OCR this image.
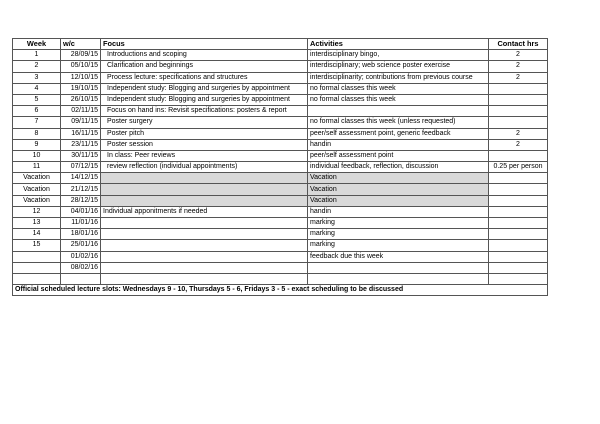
Week	w/c	Focus	Activities	Contact hrs
1	28/09/15	Introductions and scoping	interdisciplinary bingo,	2
2	05/10/15	Clarification and beginnings	interdisciplinary; web science poster exercise	2
3	12/10/15	Process lecture: specifications and structures	interdisciplinarity; contributions from previous course	2
4	19/10/15	Independent study: Blogging and surgeries by appointment	no formal classes this week	
5	26/10/15	Independent study: Blogging and surgeries by appointment	no formal classes this week	
6	02/11/15	Focus on hand ins: Revisit specifications: posters & report		
7	09/11/15	Poster surgery	no formal classes this week (unless requested)	
8	16/11/15	Poster pitch	peer/self assessment point, generic feedback	2
9	23/11/15	Poster session	handin	2
10	30/11/15	In class: Peer reviews	peer/self assessment point	
11	07/12/15	review reflection (individual appointments)	individual feedback, reflection, discussion	0.25 per person
Vacation	14/12/15		Vacation	
Vacation	21/12/15		Vacation	
Vacation	28/12/15		Vacation	
12	04/01/16	Individual apponitments if needed	handin	
13	11/01/16		marking	
14	18/01/16		marking	
15	25/01/16		marking	
	01/02/16		feedback due this week	
	08/02/16			

Official scheduled lecture slots: Wednesdays 9 - 10, Thursdays 5 - 6, Fridays 3 - 5 - exact scheduling to be discussed				
